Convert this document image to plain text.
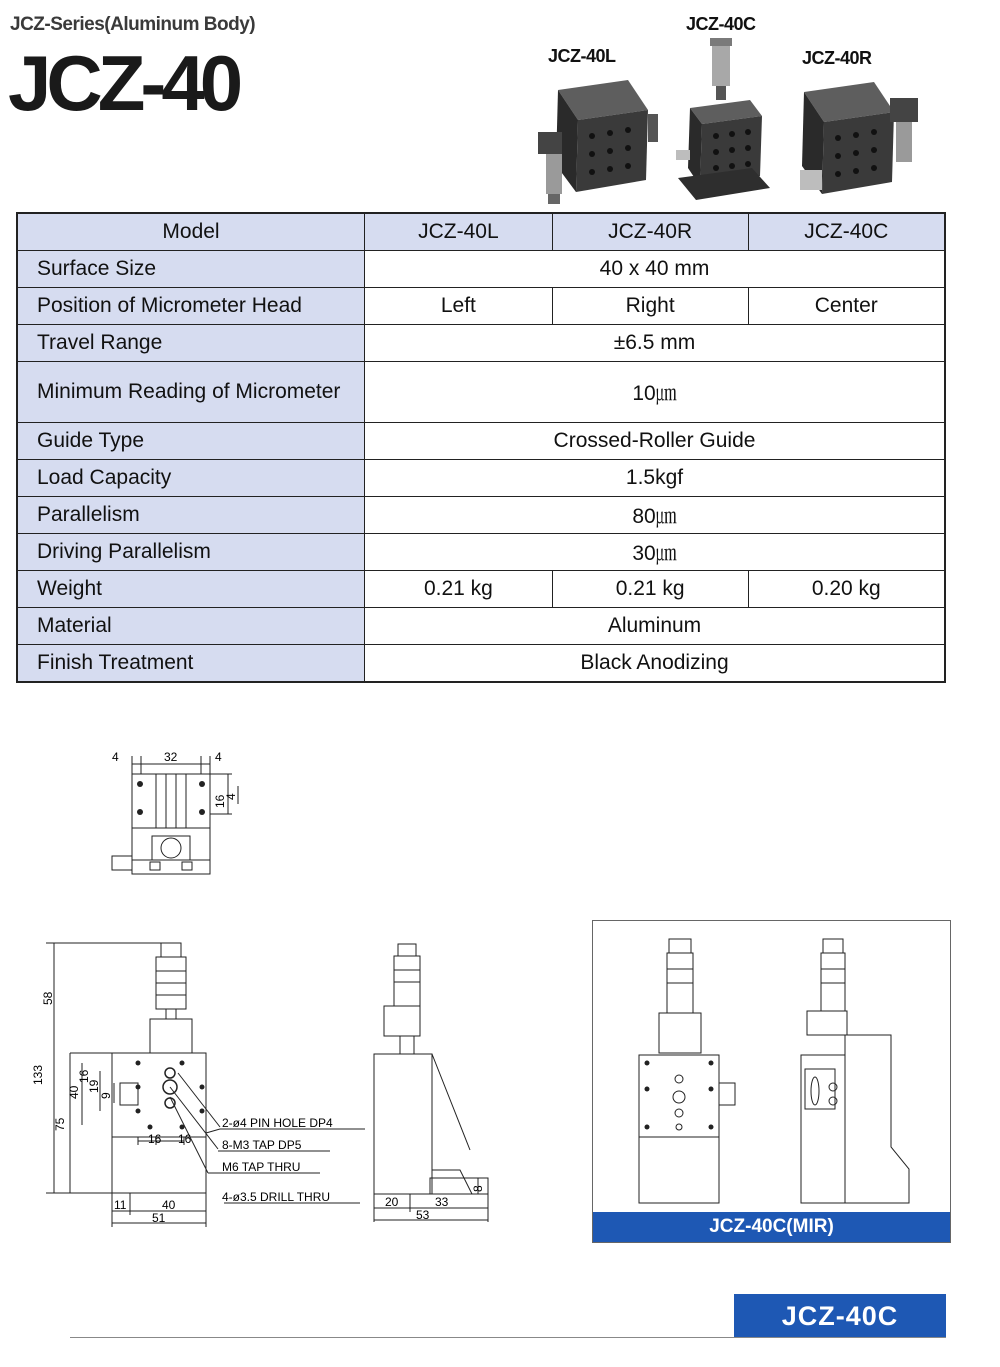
JCZ-Series(Aluminum Body)
JCZ-40	JCZ-40L
JCZ-40C
JCZ-40R
Model	JCZ-40L	JCZ-40R	JCZ-40C
Surface Size	40 x 40 mm		
Position of Micrometer Head	Left	Right	Center
Travel Range	±6.5 mm		
Minimum Reading of Micrometer	10㎛		
Guide Type	Crossed-Roller Guide		
Load Capacity	1.5kgf		
Parallelism	80㎛		
Driving Parallelism	30㎛		
Weight	0.21 kg	0.21 kg	0.20 kg
Material	Aluminum		
Finish Treatment	Black Anodizing		
4	32	4
16
4
58
133
75
40
16
19
9
16 16
11	40
51
2-ø4 PIN HOLE DP4
8-M3 TAP DP5
M6 TAP THRU
4-ø3.5 DRILL THRU	20	33
53
8
JCZ-40C(MIR)
JCZ-40C
